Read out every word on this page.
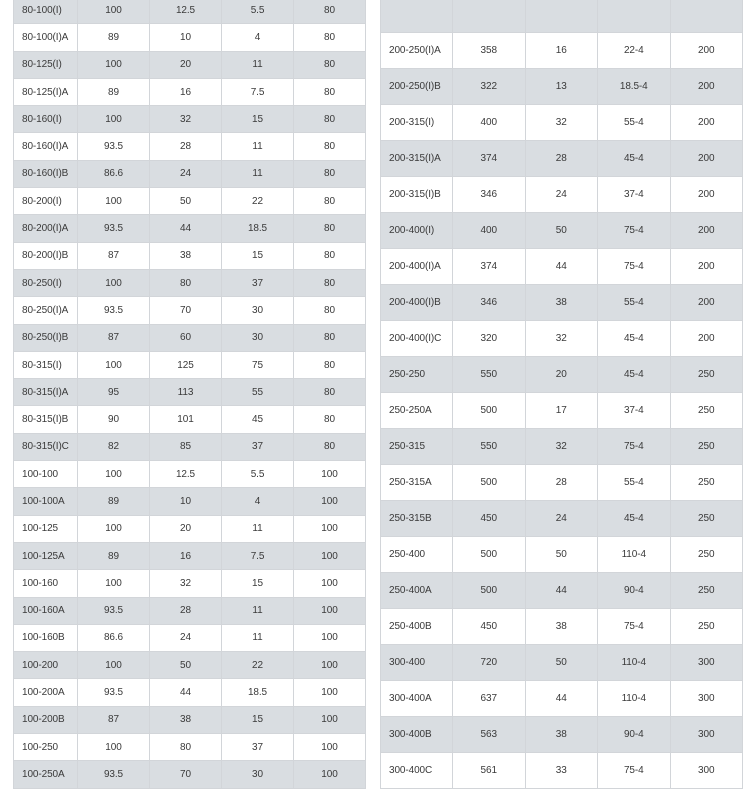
80-100(I)	100	12.5	5.5	80
80-100(I)A	89	10	4	80
80-125(I)	100	20	11	80
80-125(I)A	89	16	7.5	80
80-160(I)	100	32	15	80
80-160(I)A	93.5	28	11	80
80-160(I)B	86.6	24	11	80
80-200(I)	100	50	22	80
80-200(I)A	93.5	44	18.5	80
80-200(I)B	87	38	15	80
80-250(I)	100	80	37	80
80-250(I)A	93.5	70	30	80
80-250(I)B	87	60	30	80
80-315(I)	100	125	75	80
80-315(I)A	95	113	55	80
80-315(I)B	90	101	45	80
80-315(I)C	82	85	37	80
100-100	100	12.5	5.5	100
100-100A	89	10	4	100
100-125	100	20	11	100
100-125A	89	16	7.5	100
100-160	100	32	15	100
100-160A	93.5	28	11	100
100-160B	86.6	24	11	100
100-200	100	50	22	100
100-200A	93.5	44	18.5	100
100-200B	87	38	15	100
100-250	100	80	37	100
100-250A	93.5	70	30	100

200-250(I)A	358	16	22-4	200
200-250(I)B	322	13	18.5-4	200
200-315(I)	400	32	55-4	200
200-315(I)A	374	28	45-4	200
200-315(I)B	346	24	37-4	200
200-400(I)	400	50	75-4	200
200-400(I)A	374	44	75-4	200
200-400(I)B	346	38	55-4	200
200-400(I)C	320	32	45-4	200
250-250	550	20	45-4	250
250-250A	500	17	37-4	250
250-315	550	32	75-4	250
250-315A	500	28	55-4	250
250-315B	450	24	45-4	250
250-400	500	50	110-4	250
250-400A	500	44	90-4	250
250-400B	450	38	75-4	250
300-400	720	50	110-4	300
300-400A	637	44	110-4	300
300-400B	563	38	90-4	300
300-400C	561	33	75-4	300
